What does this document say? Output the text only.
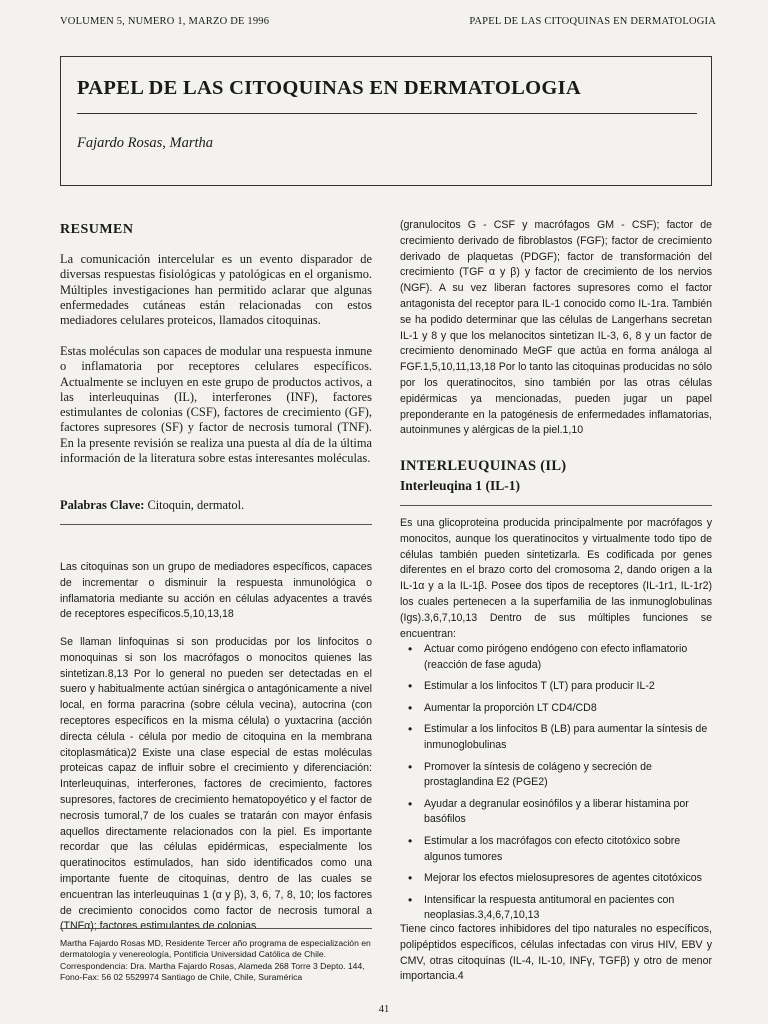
VOLUMEN 5, NUMERO 1, MARZO DE 1996	PAPEL DE LAS CITOQUINAS EN DERMATOLOGIA
PAPEL DE LAS CITOQUINAS EN DERMATOLOGIA
Fajardo Rosas, Martha
RESUMEN

La comunicación intercelular es un evento disparador de diversas respuestas fisiológicas y patológicas en el organismo. Múltiples investigaciones han permitido aclarar que algunas enfermedades cutáneas están relacionadas con estos mediadores celulares proteicos, llamados citoquinas.

Estas moléculas son capaces de modular una respuesta inmune o inflamatoria por receptores celulares específicos. Actualmente se incluyen en este grupo de productos activos, a las interleuquinas (IL), interferones (INF), factores estimulantes de colonias (CSF), factores de crecimiento (GF), factores supresores (SF) y factor de necrosis tumoral (TNF). En la presente revisión se realiza una puesta al día de la última información de la literatura sobre estas interesantes moléculas.

Palabras Clave: Citoquin, dermatol.

Las citoquinas son un grupo de mediadores específicos, capaces de incrementar o disminuir la respuesta inmunológica o inflamatoria mediante su acción en células adyacentes a través de receptores específicos.5,10,13,18

Se llaman linfoquinas si son producidas por los linfocitos o monoquinas si son los macrófagos o monocitos quienes las sintetizan.8,13 Por lo general no pueden ser detectadas en el suero y habitualmente actúan sinérgica o antagónicamente a nivel local, en forma paracrina (sobre célula vecina), autocrina (con receptores específicos en la misma célula) o yuxtacrina (acción directa célula - célula por medio de citoquina en la membrana citoplasmática)2 Existe una clase especial de estas moléculas proteicas capaz de influir sobre el crecimiento y diferenciación: Interleuquinas, interferones, factores de crecimiento, factores supresores, factores de crecimiento hematopoyético y el factor de necrosis tumoral,7 de los cuales se tratarán con mayor énfasis aquellos directamente relacionados con la piel. Es importante recordar que las células epidérmicas, especialmente los queratinocitos estimulados, han sido identificados como una importante fuente de citoquinas, dentro de las cuales se encuentran las interleuquinas 1 (α y β), 3, 6, 7, 8, 10; los factores de crecimiento conocidos como factor de necrosis tumoral a (TNFα); factores estimulantes de colonias

Martha Fajardo Rosas MD, Residente Tercer año programa de especialización en dermatología y venereología, Pontificia Universidad Católica de Chile. Correspondencia: Dra. Martha Fajardo Rosas, Alameda 268 Torre 3 Depto. 144, Fono-Fax: 56 02 5529974 Santiago de Chile, Chile, Suramérica

(granulocitos G - CSF y macrófagos GM - CSF); factor de crecimiento derivado de fibroblastos (FGF); factor de crecimiento derivado de plaquetas (PDGF); factor de transformación del crecimiento (TGF α y β) y factor de crecimiento de los nervios (NGF). A su vez liberan factores supresores como el factor antagonista del receptor para IL-1 conocido como IL-1ra. También se ha podido determinar que las células de Langerhans secretan IL-1 y 8 y que los melanocitos sintetizan IL-3, 6, 8 y un factor de crecimiento denominado MeGF que actúa en forma análoga al FGF.1,5,10,11,13,18 Por lo tanto las citoquinas producidas no sólo por los queratinocitos, sino también por las otras células epidérmicas ya mencionadas, pueden jugar un papel preponderante en la patogénesis de enfermedades inflamatorias, autoinmunes y alérgicas de la piel.1,10

INTERLEUQUINAS (IL)
Interleuqina 1 (IL-1)

Es una glicoproteina producida principalmente por macrófagos y monocitos, aunque los queratinocitos y virtualmente todo tipo de células también pueden sintetizarla. Es codificada por genes diferentes en el brazo corto del cromosoma 2, dando origen a la IL-1α y a la IL-1β. Posee dos tipos de receptores (IL-1r1, IL-1r2) los cuales pertenecen a la superfamilia de las inmunoglobulinas (Igs).3,6,7,10,13 Dentro de sus múltiples funciones se encuentran:

• Actuar como pirógeno endógeno con efecto inflamatorio (reacción de fase aguda)
• Estimular a los linfocitos T (LT) para producir IL-2
• Aumentar la proporción LT CD4/CD8
• Estimular a los linfocitos B (LB) para aumentar la síntesis de inmunoglobulinas
• Promover la síntesis de colágeno y secreción de prostaglandina E2 (PGE2)
• Ayudar a degranular eosinófilos y a liberar histamina por basófilos
• Estimular a los macrófagos con efecto citotóxico sobre algunos tumores
• Mejorar los efectos mielosupresores de agentes citotóxicos
• Intensificar la respuesta antitumoral en pacientes con neoplasias.3,4,6,7,10,13

Tiene cinco factores inhibidores del tipo naturales no específicos, polipéptidos específicos, células infectadas con virus HIV, EBV y CMV, otras citoquinas (IL-4, IL-10, INFγ, TGFβ) y otro de menor importancia.4

41
